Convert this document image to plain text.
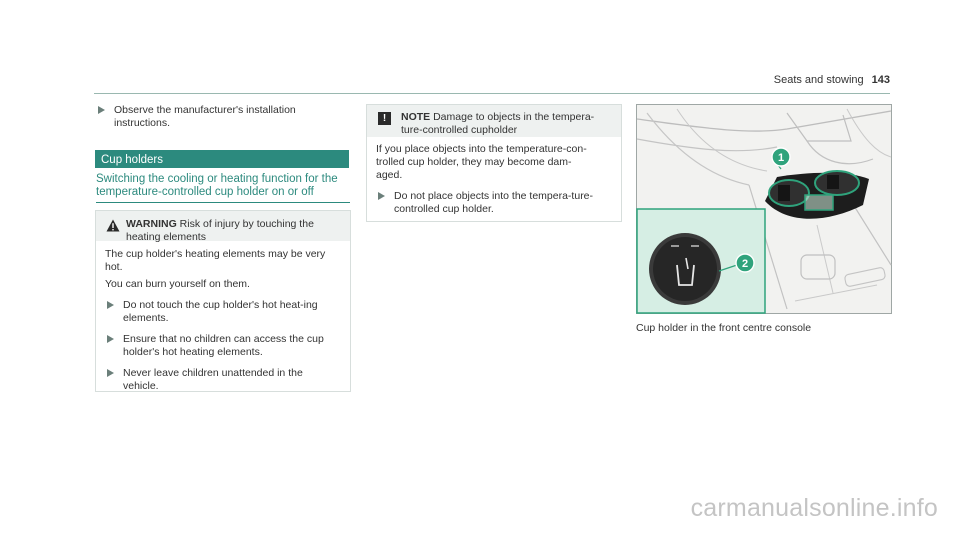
Seats and stowing 143
Observe the manufacturer's installation instructions.
Cup holders
Switching the cooling or heating function for the temperature-controlled cup holder on or off
WARNING Risk of injury by touching the heating elements
The cup holder's heating elements may be very hot.
You can burn yourself on them.
Do not touch the cup holder's hot heat-ing elements.
Ensure that no children can access the cup holder's hot heating elements.
Never leave children unattended in the vehicle.
!	NOTE Damage to objects in the tempera-ture-controlled cupholder
If you place objects into the temperature-con-trolled cup holder, they may become dam-aged.
Do not place objects into the tempera-ture-controlled cup holder.
1
2
Cup holder in the front centre console
carmanualsonline.info
